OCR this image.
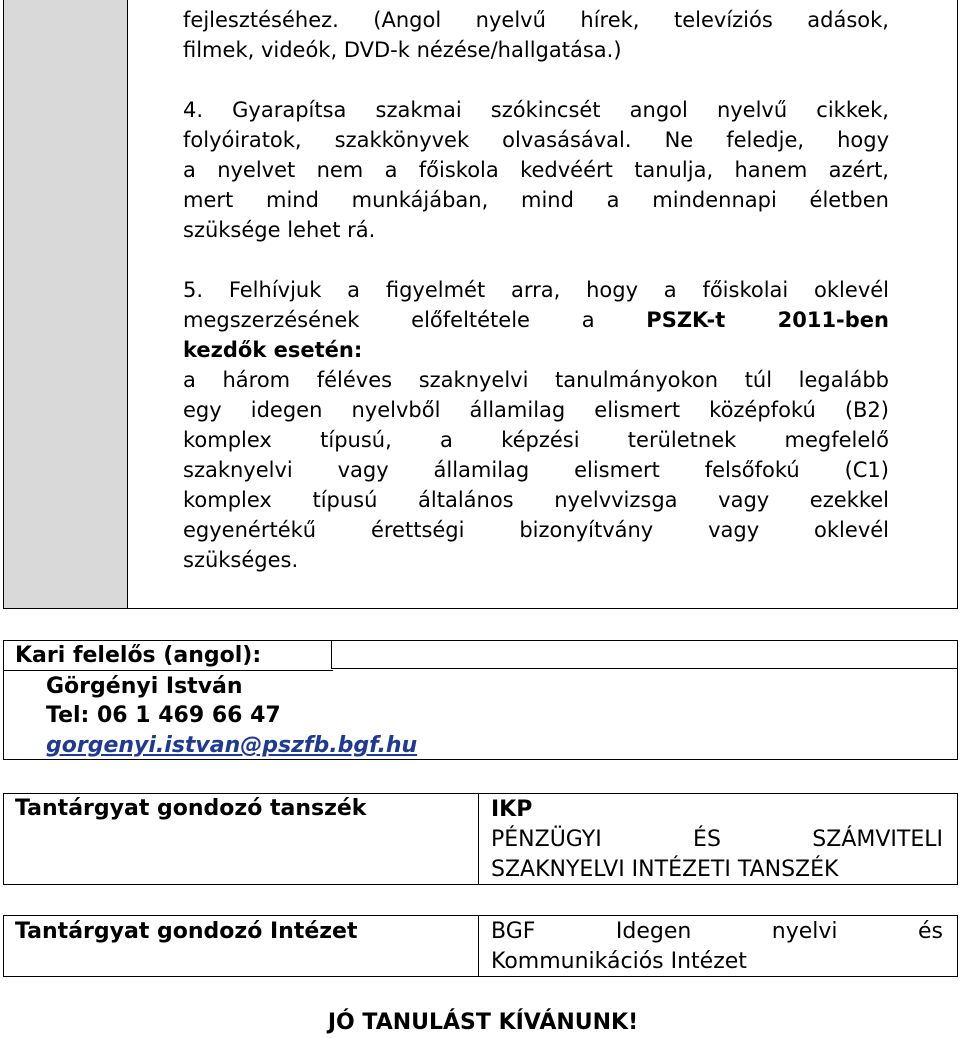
fejlesztéséhez. (Angol nyelvű hírek, televíziós adások,
filmek, videók, DVD-k nézése/hallgatása.)

4. Gyarapítsa szakmai szókincsét angol nyelvű cikkek,
folyóiratok, szakkönyvek olvasásával. Ne feledje, hogy
a nyelvet nem a főiskola kedvéért tanulja, hanem azért,
mert mind munkájában, mind a mindennapi életben
szüksége lehet rá.

5. Felhívjuk a figyelmét arra, hogy a főiskolai oklevél
megszerzésének előfeltétele a PSZK-t 2011-ben
kezdők esetén:
a három féléves szaknyelvi tanulmányokon túl legalább
egy idegen nyelvből államilag elismert középfokú (B2)
komplex típusú, a képzési területnek megfelelő
szaknyelvi vagy államilag elismert felsőfokú (C1)
komplex típusú általános nyelvvizsga vagy ezekkel
egyenértékű érettségi bizonyítvány vagy oklevél
szükséges.

Kari felelős (angol):
Görgényi István
Tel: 06 1 469 66 47
gorgenyi.istvan@pszfb.bgf.hu
Tantárgyat gondozó tanszék	IKP
PÉNZÜGYI ÉS SZÁMVITELI
SZAKNYELVI INTÉZETI TANSZÉK
Tantárgyat gondozó Intézet	BGF Idegen nyelvi és
Kommunikációs Intézet
JÓ TANULÁST KÍVÁNUNK!
